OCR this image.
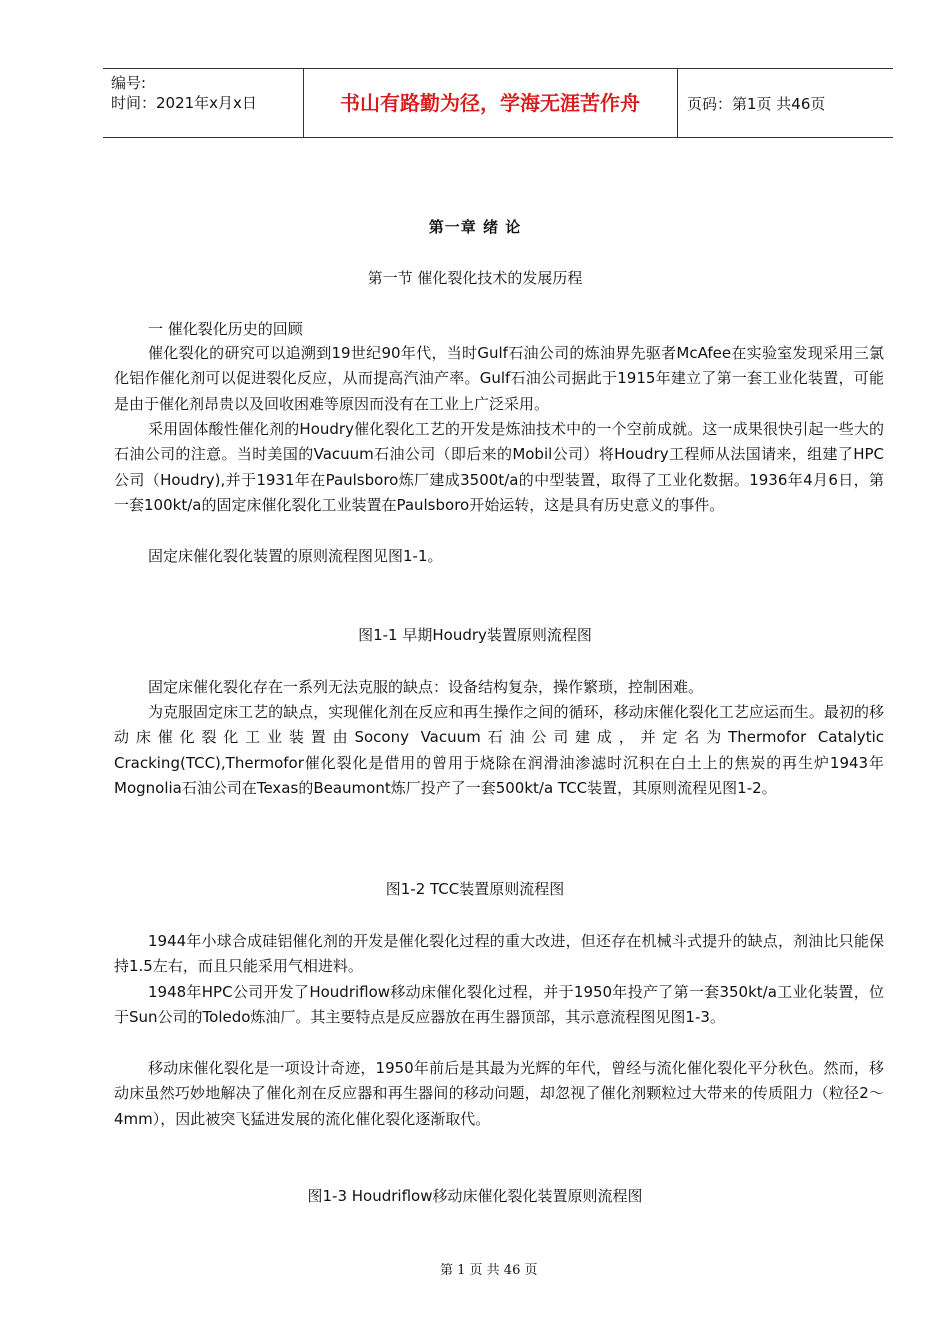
编号:
时间：2021年x月x日	书山有路勤为径，学海无涯苦作舟	页码：第1页 共46页
第一章 绪 论
第一节 催化裂化技术的发展历程
一 催化裂化历史的回顾
催化裂化的研究可以追溯到19世纪90年代，当时Gulf石油公司的炼油界先驱者McAfee在实验室发现采用三氯化铝作催化剂可以促进裂化反应，从而提高汽油产率。Gulf石油公司据此于1915年建立了第一套工业化装置，可能是由于催化剂昂贵以及回收困难等原因而没有在工业上广泛采用。
采用固体酸性催化剂的Houdry催化裂化工艺的开发是炼油技术中的一个空前成就。这一成果很快引起一些大的石油公司的注意。当时美国的Vacuum石油公司（即后来的Mobil公司）将Houdry工程师从法国请来，组建了HPC公司（Houdry),并于1931年在Paulsboro炼厂建成3500t/a的中型装置，取得了工业化数据。1936年4月6日，第一套100kt/a的固定床催化裂化工业装置在Paulsboro开始运转，这是具有历史意义的事件。
固定床催化裂化装置的原则流程图见图1-1。
图1-1 早期Houdry装置原则流程图
固定床催化裂化存在一系列无法克服的缺点：设备结构复杂，操作繁琐，控制困难。
为克服固定床工艺的缺点，实现催化剂在反应和再生操作之间的循环，移动床催化裂化工艺应运而生。最初的移动床催化裂化工业装置由Socony Vacuum石油公司建成，并定名为Thermofor Catalytic Cracking(TCC),Thermofor催化裂化是借用的曾用于烧除在润滑油渗滤时沉积在白土上的焦炭的再生炉1943年Mognolia石油公司在Texas的Beaumont炼厂投产了一套500kt/a TCC装置，其原则流程见图1-2。
图1-2 TCC装置原则流程图
1944年小球合成硅铝催化剂的开发是催化裂化过程的重大改进，但还存在机械斗式提升的缺点，剂油比只能保持1.5左右，而且只能采用气相进料。
1948年HPC公司开发了Houdriflow移动床催化裂化过程，并于1950年投产了第一套350kt/a工业化装置，位于Sun公司的Toledo炼油厂。其主要特点是反应器放在再生器顶部，其示意流程图见图1-3。
移动床催化裂化是一项设计奇迹，1950年前后是其最为光辉的年代，曾经与流化催化裂化平分秋色。然而，移动床虽然巧妙地解决了催化剂在反应器和再生器间的移动问题，却忽视了催化剂颗粒过大带来的传质阻力（粒径2～4mm），因此被突飞猛进发展的流化催化裂化逐渐取代。
图1-3 Houdriflow移动床催化裂化装置原则流程图
第 1 页 共 46 页
